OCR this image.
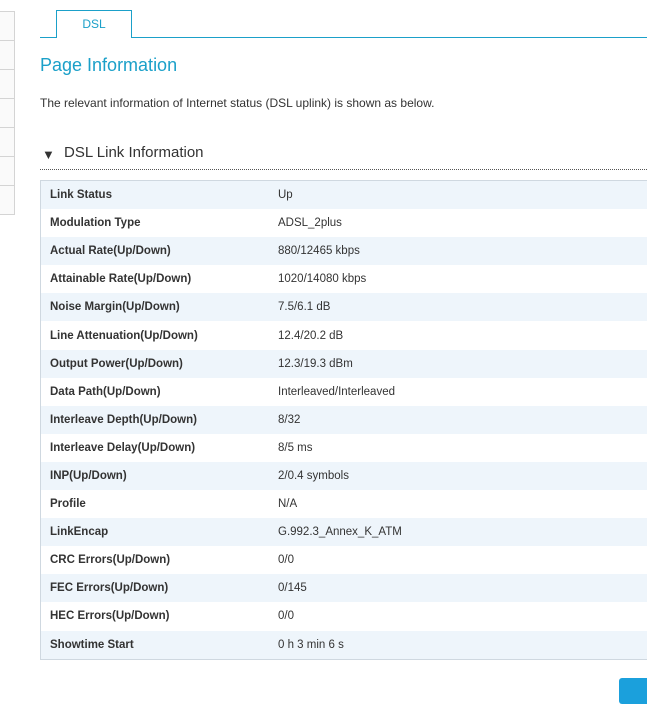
DSL
Page Information
The relevant information of Internet status (DSL uplink) is shown as below.
▼ DSL Link Information
Link Status	Up
Modulation Type	ADSL_2plus
Actual Rate(Up/Down)	880/12465 kbps
Attainable Rate(Up/Down)	1020/14080 kbps
Noise Margin(Up/Down)	7.5/6.1 dB
Line Attenuation(Up/Down)	12.4/20.2 dB
Output Power(Up/Down)	12.3/19.3 dBm
Data Path(Up/Down)	Interleaved/Interleaved
Interleave Depth(Up/Down)	8/32
Interleave Delay(Up/Down)	8/5 ms
INP(Up/Down)	2/0.4 symbols
Profile	N/A
LinkEncap	G.992.3_Annex_K_ATM
CRC Errors(Up/Down)	0/0
FEC Errors(Up/Down)	0/145
HEC Errors(Up/Down)	0/0
Showtime Start	0 h 3 min 6 s
